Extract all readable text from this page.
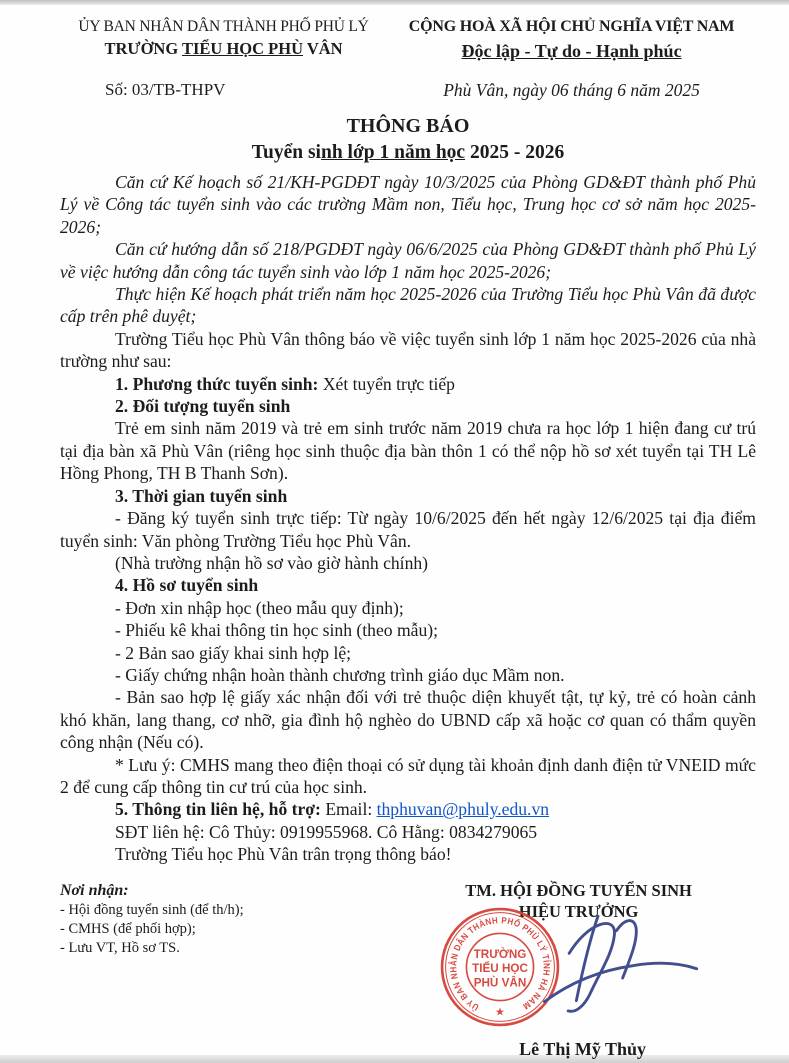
ỦY BAN NHÂN DÂN THÀNH PHỐ PHỦ LÝ
TRƯỜNG TIỂU HỌC PHÙ VÂN
CỘNG HOÀ XÃ HỘI CHỦ NGHĨA VIỆT NAM
Độc lập - Tự do - Hạnh phúc
Số: 03/TB-THPV	Phù Vân, ngày 06 tháng 6 năm 2025
THÔNG BÁO
Tuyển sinh lớp 1 năm học 2025 - 2026

Căn cứ Kế hoạch số 21/KH-PGDĐT ngày 10/3/2025 của Phòng GD&ĐT thành phố Phủ Lý về Công tác tuyển sinh vào các trường Mầm non, Tiểu học, Trung học cơ sở năm học 2025-2026;

Căn cứ hướng dẫn số 218/PGDĐT ngày 06/6/2025 của Phòng GD&ĐT thành phố Phủ Lý về việc hướng dẫn công tác tuyển sinh vào lớp 1 năm học 2025-2026;

Thực hiện Kế hoạch phát triển năm học 2025-2026 của Trường Tiểu học Phù Vân đã được cấp trên phê duyệt;

Trường Tiểu học Phù Vân thông báo về việc tuyển sinh lớp 1 năm học 2025-2026 của nhà trường như sau:

1. Phương thức tuyển sinh: Xét tuyển trực tiếp

2. Đối tượng tuyển sinh

Trẻ em sinh năm 2019 và trẻ em sinh trước năm 2019 chưa ra học lớp 1 hiện đang cư trú tại địa bàn xã Phù Vân (riêng học sinh thuộc địa bàn thôn 1 có thể nộp hồ sơ xét tuyển tại TH Lê Hồng Phong, TH B Thanh Sơn).

3. Thời gian tuyển sinh

- Đăng ký tuyển sinh trực tiếp: Từ ngày 10/6/2025 đến hết ngày 12/6/2025 tại địa điểm tuyển sinh: Văn phòng Trường Tiểu học Phù Vân.

(Nhà trường nhận hồ sơ vào giờ hành chính)

4. Hồ sơ tuyển sinh

- Đơn xin nhập học (theo mẫu quy định);

- Phiếu kê khai thông tin học sinh (theo mẫu);

- 2 Bản sao giấy khai sinh hợp lệ;

- Giấy chứng nhận hoàn thành chương trình giáo dục Mầm non.

- Bản sao hợp lệ giấy xác nhận đối với trẻ thuộc diện khuyết tật, tự kỷ, trẻ có hoàn cảnh khó khăn, lang thang, cơ nhỡ, gia đình hộ nghèo do UBND cấp xã hoặc cơ quan có thẩm quyền công nhận (Nếu có).

* Lưu ý: CMHS mang theo điện thoại có sử dụng tài khoản định danh điện tử VNEID mức 2 để cung cấp thông tin cư trú của học sinh.

5. Thông tin liên hệ, hỗ trợ: Email: thphuvan@phuly.edu.vn

SĐT liên hệ: Cô Thủy: 0919955968. Cô Hằng: 0834279065

Trường Tiểu học Phù Vân trân trọng thông báo!

Nơi nhận:
- Hội đồng tuyển sinh (để th/h);
- CMHS (để phối hợp);
- Lưu VT, Hồ sơ TS.
TM. HỘI ĐỒNG TUYỂN SINH
HIỆU TRƯỞNG
ỦY BAN NHÂN DÂN THÀNH PHỐ PHỦ LÝ TỈNH HÀ NAM
TRƯỜNG
TIỂU HỌC
PHÙ VÂN
★
Lê Thị Mỹ Thủy
